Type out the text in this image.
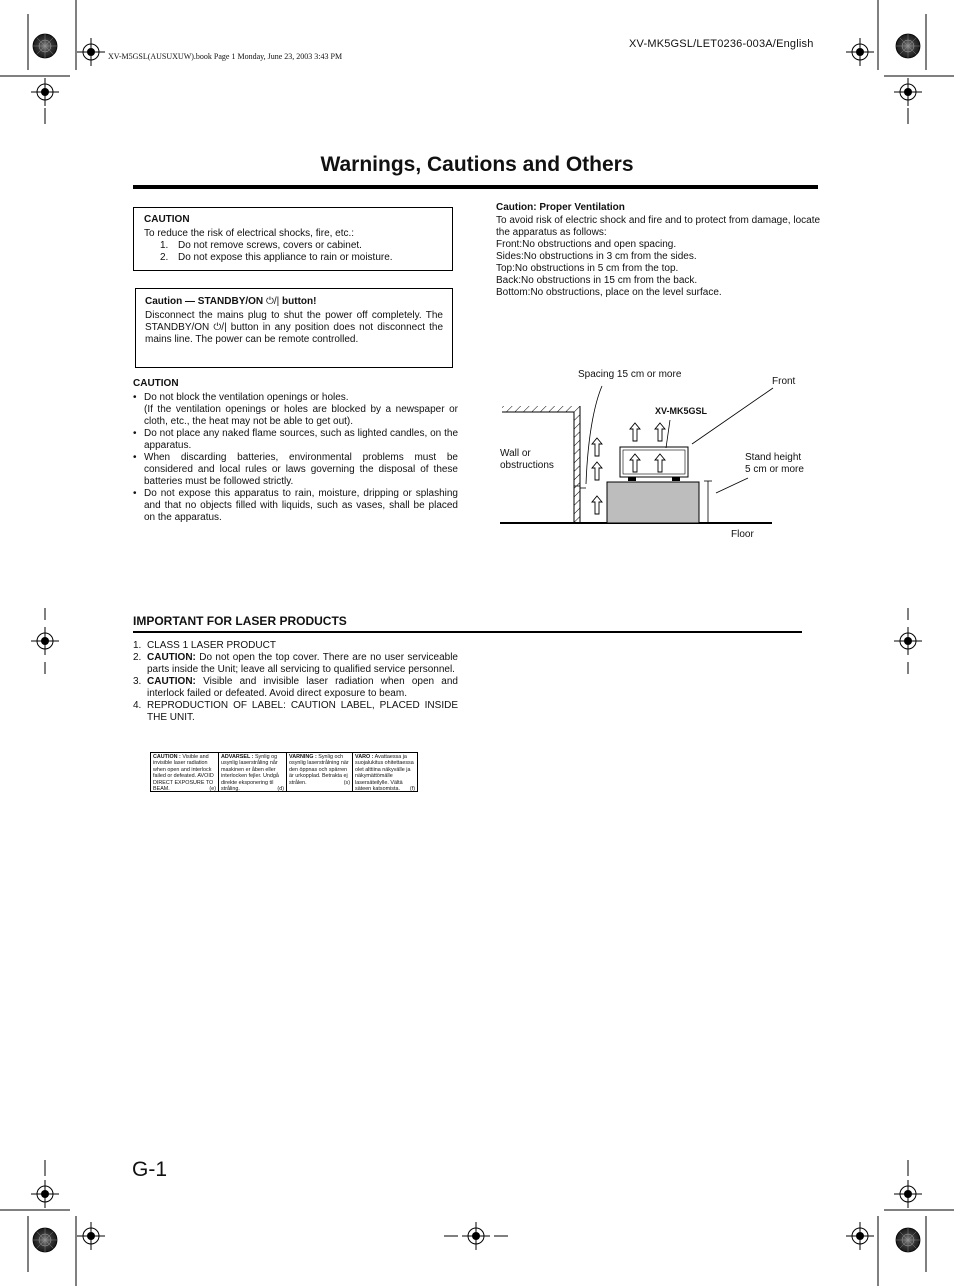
XV-MK5GSL/LET0236-003A/English
XV-M5GSL(AUSUXUW).book Page 1 Monday, June 23, 2003 3:43 PM
Warnings, Cautions and Others
CAUTION
To reduce the risk of electrical shocks, fire, etc.:
1. Do not remove screws, covers or cabinet.
2. Do not expose this appliance to rain or moisture.
Caution — STANDBY/ON ⏻/| button!
Disconnect the mains plug to shut the power off completely. The STANDBY/ON ⏻/| button in any position does not disconnect the mains line. The power can be remote controlled.
CAUTION
• Do not block the ventilation openings or holes.
(If the ventilation openings or holes are blocked by a newspaper or cloth, etc., the heat may not be able to get out).
• Do not place any naked flame sources, such as lighted candles, on the apparatus.
• When discarding batteries, environmental problems must be considered and local rules or laws governing the disposal of these batteries must be followed strictly.
• Do not expose this apparatus to rain, moisture, dripping or splashing and that no objects filled with liquids, such as vases, shall be placed on the apparatus.
Caution: Proper Ventilation
To avoid risk of electric shock and fire and to protect from damage, locate the apparatus as follows:
Front:No obstructions and open spacing.
Sides:No obstructions in 3 cm from the sides.
Top:No obstructions in 5 cm from the top.
Back:No obstructions in 15 cm from the back.
Bottom:No obstructions, place on the level surface.
Spacing 15 cm or more
Front
XV-MK5GSL
Wall or
obstructions
Stand height
5 cm or more
Floor
IMPORTANT FOR LASER PRODUCTS
1. CLASS 1 LASER PRODUCT
2. CAUTION: Do not open the top cover. There are no user serviceable parts inside the Unit; leave all servicing to qualified service personnel.
3. CAUTION: Visible and invisible laser radiation when open and interlock failed or defeated. Avoid direct exposure to beam.
4. REPRODUCTION OF LABEL: CAUTION LABEL, PLACED INSIDE THE UNIT.
CAUTION : Visible and invisible laser radiation when open and interlock failed or defeated. AVOID DIRECT EXPOSURE TO BEAM.	(e)
ADVARSEL : Synlig og usynlig laserstråling når maskinen er åben eller interlocken fejler. Undgå direkte eksponering til stråling.	(d)
VARNING : Synlig och osynlig laserstrålning när den öppnas och spärren är urkopplad. Betrakta ej strålen.	(s)
VARO : Avattaessa ja suojalukitus ohitettaessa olet alttiina näkyvälle ja näkymättömälle lasersäteilylle. Vältä säteen katsomista. (f)
G-1
